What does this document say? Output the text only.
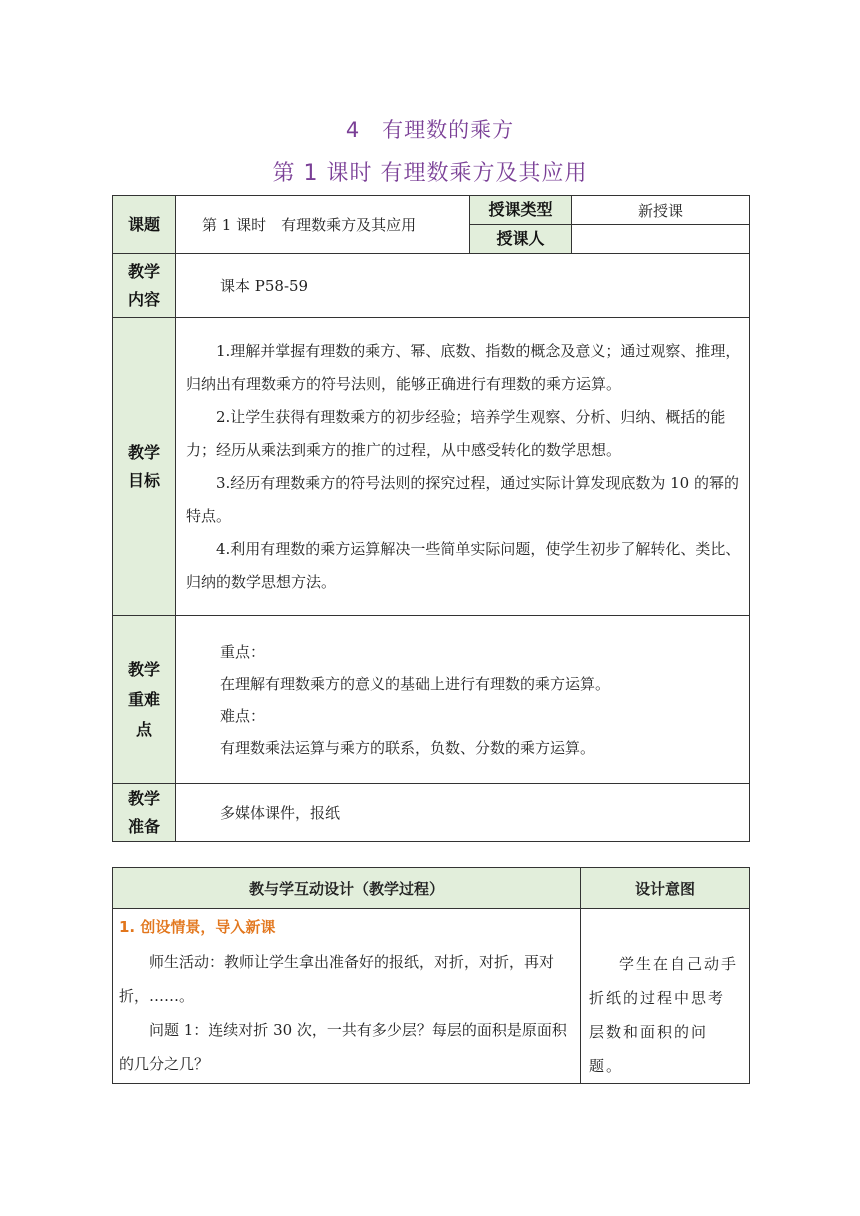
4　有理数的乘方
第 1 课时 有理数乘方及其应用
课题	第 1 课时　有理数乘方及其应用	授课类型	新授课
		授课人	

教学内容	课本 P58-59		

教学目标	1.理解并掌握有理数的乘方、幂、底数、指数的概念及意义；通过观察、推理，归纳出有理数乘方的符号法则，能够正确进行有理数的乘方运算。

2.让学生获得有理数乘方的初步经验；培养学生观察、分析、归纳、概括的能力；经历从乘法到乘方的推广的过程，从中感受转化的数学思想。

3.经历有理数乘方的符号法则的探究过程，通过实际计算发现底数为 10 的幂的特点。

4.利用有理数的乘方运算解决一些简单实际问题，使学生初步了解转化、类比、归纳的数学思想方法。		

教学重难点	重点：
在理解有理数乘方的意义的基础上进行有理数的乘方运算。
难点：
有理数乘法运算与乘方的联系，负数、分数的乘方运算。		

教学准备	多媒体课件，报纸		
教与学互动设计（教学过程）	设计意图

1. 创设情景，导入新课

师生活动：教师让学生拿出准备好的报纸，对折，对折，再对折，……。

问题 1：连续对折 30 次，一共有多少层？每层的面积是原面积的几分之几？	学生在自己动手折纸的过程中思考层数和面积的问题。
